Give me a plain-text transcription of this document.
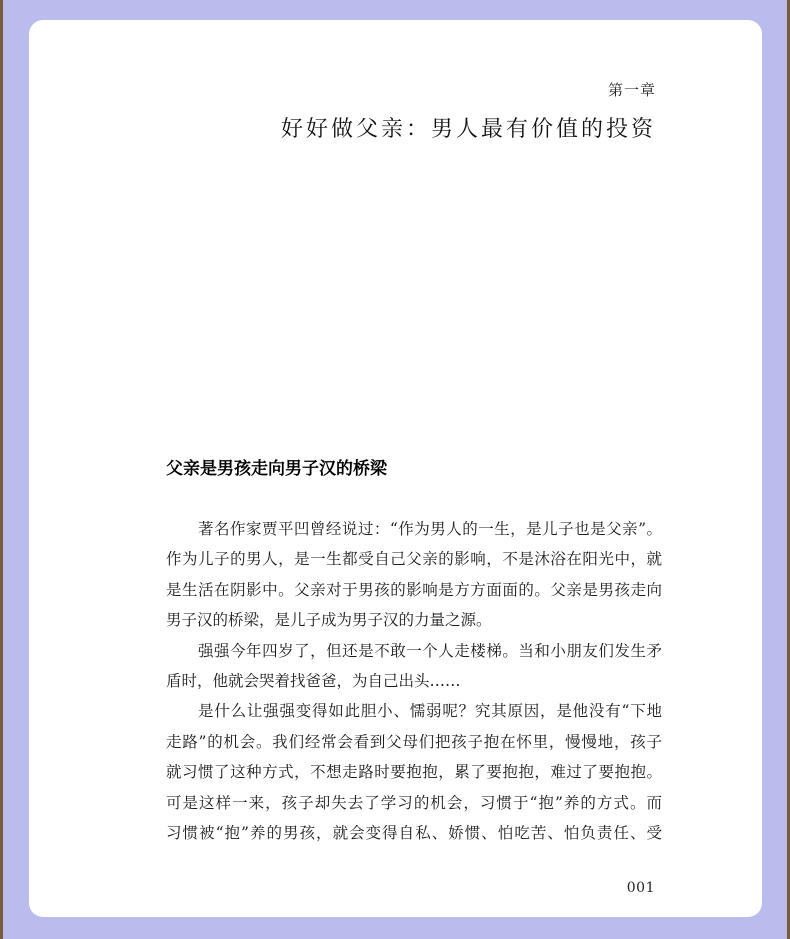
第一章
好好做父亲：男人最有价值的投资
父亲是男孩走向男子汉的桥梁
著名作家贾平凹曾经说过：“作为男人的一生，是儿子也是父亲”。
作为儿子的男人，是一生都受自己父亲的影响，不是沐浴在阳光中，就
是生活在阴影中。父亲对于男孩的影响是方方面面的。父亲是男孩走向
男子汉的桥梁，是儿子成为男子汉的力量之源。
强强今年四岁了，但还是不敢一个人走楼梯。当和小朋友们发生矛
盾时，他就会哭着找爸爸，为自己出头……
是什么让强强变得如此胆小、懦弱呢？究其原因，是他没有“下地
走路”的机会。我们经常会看到父母们把孩子抱在怀里，慢慢地，孩子
就习惯了这种方式，不想走路时要抱抱，累了要抱抱，难过了要抱抱。
可是这样一来，孩子却失去了学习的机会，习惯于“抱”养的方式。而
习惯被“抱”养的男孩，就会变得自私、娇惯、怕吃苦、怕负责任、受
001
